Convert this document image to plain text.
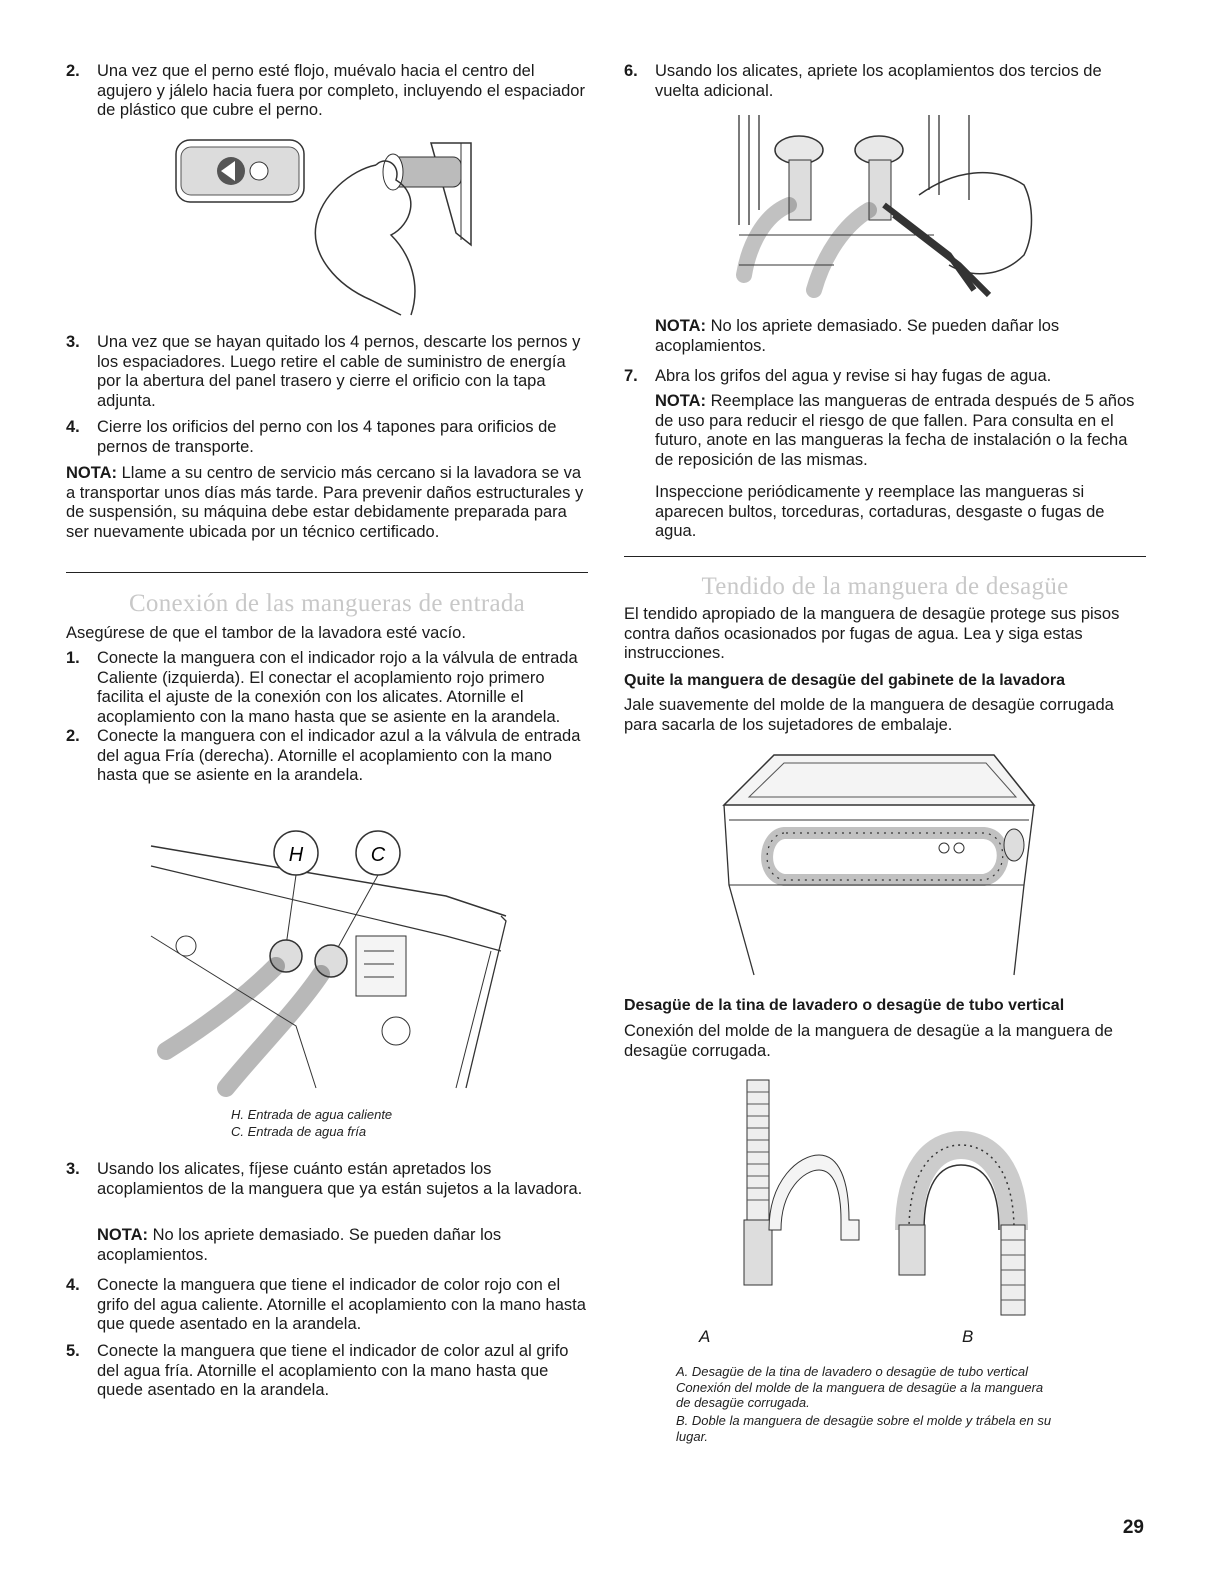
2. Una vez que el perno esté flojo, muévalo hacia el centro del agujero y jálelo hacia fuera por completo, incluyendo el espaciador de plástico que cubre el perno.

3. Una vez que se hayan quitado los 4 pernos, descarte los pernos y los espaciadores. Luego retire el cable de suministro de energía por la abertura del panel trasero y cierre el orificio con la tapa adjunta.

4. Cierre los orificios del perno con los 4 tapones para orificios de pernos de transporte.

NOTA: Llame a su centro de servicio más cercano si la lavadora se va a transportar unos días más tarde. Para prevenir daños estructurales y de suspensión, su máquina debe estar debidamente preparada para ser nuevamente ubicada por un técnico certificado.

Conexión de las mangueras de entrada

Asegúrese de que el tambor de la lavadora esté vacío.

1. Conecte la manguera con el indicador rojo a la válvula de entrada Caliente (izquierda). El conectar el acoplamiento rojo primero facilita el ajuste de la conexión con los alicates. Atornille el acoplamiento con la mano hasta que se asiente en la arandela.

2. Conecte la manguera con el indicador azul a la válvula de entrada del agua Fría (derecha). Atornille el acoplamiento con la mano hasta que se asiente en la arandela.

H	C
H. Entrada de agua caliente
C. Entrada de agua fría

3. Usando los alicates, fíjese cuánto están apretados los acoplamientos de la manguera que ya están sujetos a la lavadora.

NOTA: No los apriete demasiado. Se pueden dañar los acoplamientos.

4. Conecte la manguera que tiene el indicador de color rojo con el grifo del agua caliente. Atornille el acoplamiento con la mano hasta que quede asentado en la arandela.

5. Conecte la manguera que tiene el indicador de color azul al grifo del agua fría. Atornille el acoplamiento con la mano hasta que quede asentado en la arandela.

6. Usando los alicates, apriete los acoplamientos dos tercios de vuelta adicional.

NOTA: No los apriete demasiado. Se pueden dañar los acoplamientos.

7. Abra los grifos del agua y revise si hay fugas de agua.

NOTA: Reemplace las mangueras de entrada después de 5 años de uso para reducir el riesgo de que fallen. Para consulta en el futuro, anote en las mangueras la fecha de instalación o la fecha de reposición de las mismas.

Inspeccione periódicamente y reemplace las mangueras si aparecen bultos, torceduras, cortaduras, desgaste o fugas de agua.

Tendido de la manguera de desagüe

El tendido apropiado de la manguera de desagüe protege sus pisos contra daños ocasionados por fugas de agua. Lea y siga estas instrucciones.

Quite la manguera de desagüe del gabinete de la lavadora

Jale suavemente del molde de la manguera de desagüe corrugada para sacarla de los sujetadores de embalaje.

Desagüe de la tina de lavadero o desagüe de tubo vertical

Conexión del molde de la manguera de desagüe a la manguera de desagüe corrugada.

A	B
A. Desagüe de la tina de lavadero o desagüe de tubo vertical Conexión del molde de la manguera de desagüe a la manguera de desagüe corrugada.
B. Doble la manguera de desagüe sobre el molde y trábela en su lugar.
29
